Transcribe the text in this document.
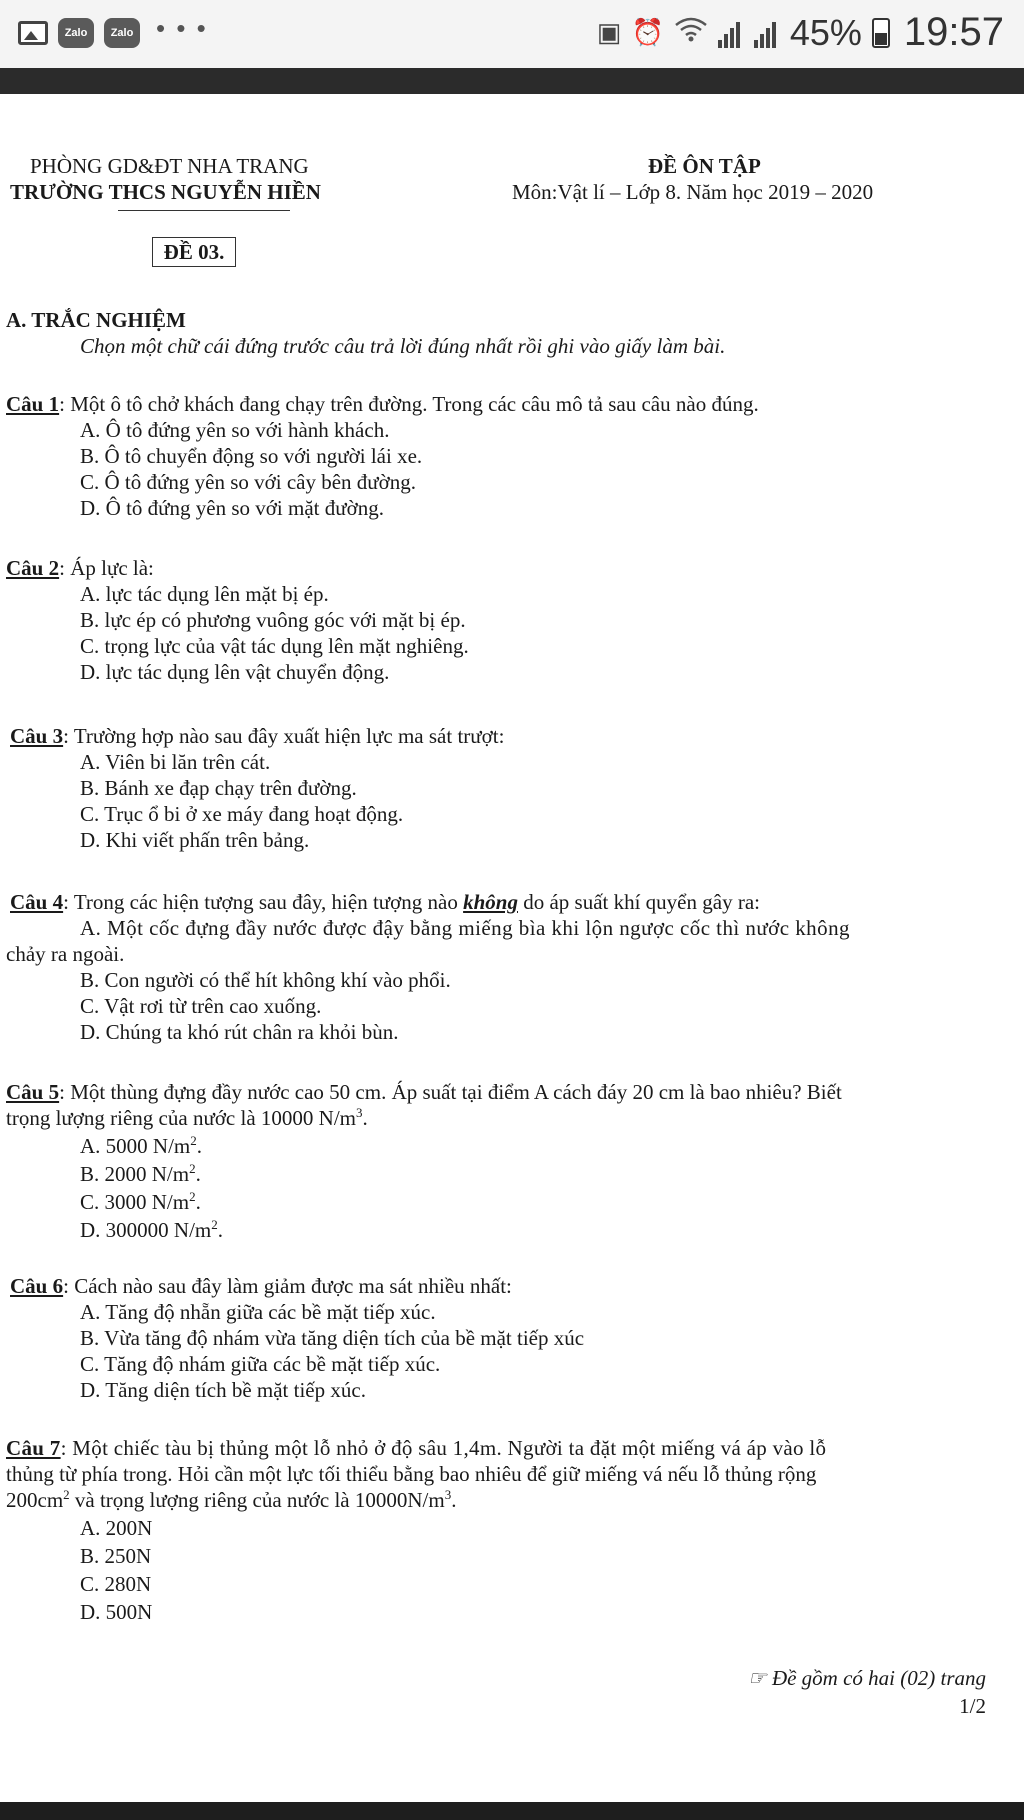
Zalo	Zalo • • •	▣ ⏰	45% 19:57
PHÒNG GD&ĐT NHA TRANG
TRƯỜNG THCS NGUYỄN HIỀN
ĐỀ ÔN TẬP
Môn:Vật lí – Lớp 8. Năm học 2019 – 2020
ĐỀ 03.
A. TRẮC NGHIỆM
Chọn một chữ cái đứng trước câu trả lời đúng nhất rồi ghi vào giấy làm bài.
Câu 1: Một ô tô chở khách đang chạy trên đường. Trong các câu mô tả sau câu nào đúng.
A. Ô tô đứng yên so với hành khách.
B. Ô tô chuyển động so với người lái xe.
C. Ô tô đứng yên so với cây bên đường.
D. Ô tô đứng yên so với mặt đường.
Câu 2: Áp lực là:
A. lực tác dụng lên mặt bị ép.
B. lực ép có phương vuông góc với mặt bị ép.
C. trọng lực của vật tác dụng lên mặt nghiêng.
D. lực tác dụng lên vật chuyển động.
Câu 3: Trường hợp nào sau đây xuất hiện lực ma sát trượt:
A. Viên bi lăn trên cát.
B. Bánh xe đạp chạy trên đường.
C. Trục ổ bi ở xe máy đang hoạt động.
D. Khi viết phấn trên bảng.
Câu 4: Trong các hiện tượng sau đây, hiện tượng nào không do áp suất khí quyển gây ra:
A. Một cốc đựng đầy nước được đậy bằng miếng bìa khi lộn ngược cốc thì nước không
chảy ra ngoài.
B. Con người có thể hít không khí vào phổi.
C. Vật rơi từ trên cao xuống.
D. Chúng ta khó rút chân ra khỏi bùn.
Câu 5: Một thùng đựng đầy nước cao 50 cm. Áp suất tại điểm A cách đáy 20 cm là bao nhiêu? Biết
trọng lượng riêng của nước là 10000 $N/m^3$.
A. 5000 $N/m^2$.
B. 2000 $N/m^2$.
C. 3000 $N/m^2$.
D. 300000 $N/m^2$.
Câu 6: Cách nào sau đây làm giảm được ma sát nhiều nhất:
A. Tăng độ nhẵn giữa các bề mặt tiếp xúc.
B. Vừa tăng độ nhám vừa tăng diện tích của bề mặt tiếp xúc
C. Tăng độ nhám giữa các bề mặt tiếp xúc.
D. Tăng diện tích bề mặt tiếp xúc.
Câu 7: Một chiếc tàu bị thủng một lỗ nhỏ ở độ sâu 1,4m. Người ta đặt một miếng vá áp vào lỗ
thủng từ phía trong. Hỏi cần một lực tối thiểu bằng bao nhiêu để giữ miếng vá nếu lỗ thủng rộng
$200cm^2$ và trọng lượng riêng của nước là $10000N/m^3$.
A. 200N
B. 250N
C. 280N
D. 500N
☞ Đề gồm có hai (02) trang
1/2
